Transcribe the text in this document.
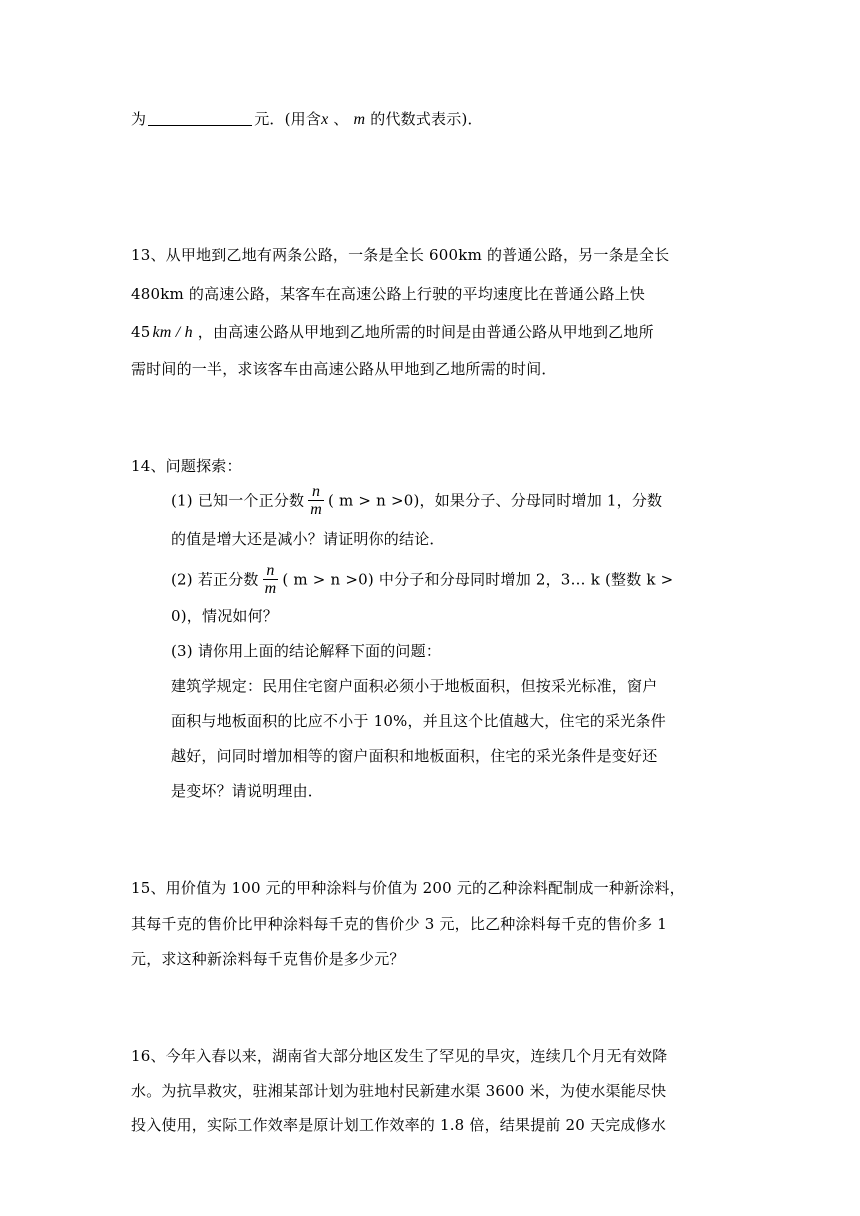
为	元．(用含x 、 m 的代数式表示)．
13、从甲地到乙地有两条公路，一条是全长 600km 的普通公路，另一条是全长
480km 的高速公路，某客车在高速公路上行驶的平均速度比在普通公路上快
45 km / h ，由高速公路从甲地到乙地所需的时间是由普通公路从甲地到乙地所
需时间的一半，求该客车由高速公路从甲地到乙地所需的时间．
14、问题探索：
(1) 已知一个正分数 $\frac{n}{m}$ ( m > n >0)，如果分子、分母同时增加 1，分数
的值是增大还是减小？请证明你的结论．
(2) 若正分数 $\frac{n}{m}$ ( m > n >0) 中分子和分母同时增加 2，3… k (整数 k >
0)，情况如何？
(3) 请你用上面的结论解释下面的问题：
建筑学规定：民用住宅窗户面积必须小于地板面积，但按采光标准，窗户
面积与地板面积的比应不小于 10%，并且这个比值越大，住宅的采光条件
越好，问同时增加相等的窗户面积和地板面积，住宅的采光条件是变好还
是变坏？请说明理由．
15、用价值为 100 元的甲种涂料与价值为 200 元的乙种涂料配制成一种新涂料，
其每千克的售价比甲种涂料每千克的售价少 3 元，比乙种涂料每千克的售价多 1
元，求这种新涂料每千克售价是多少元？
16、今年入春以来，湖南省大部分地区发生了罕见的旱灾，连续几个月无有效降
水。为抗旱救灾，驻湘某部计划为驻地村民新建水渠 3600 米，为使水渠能尽快
投入使用，实际工作效率是原计划工作效率的 1.8 倍，结果提前 20 天完成修水
